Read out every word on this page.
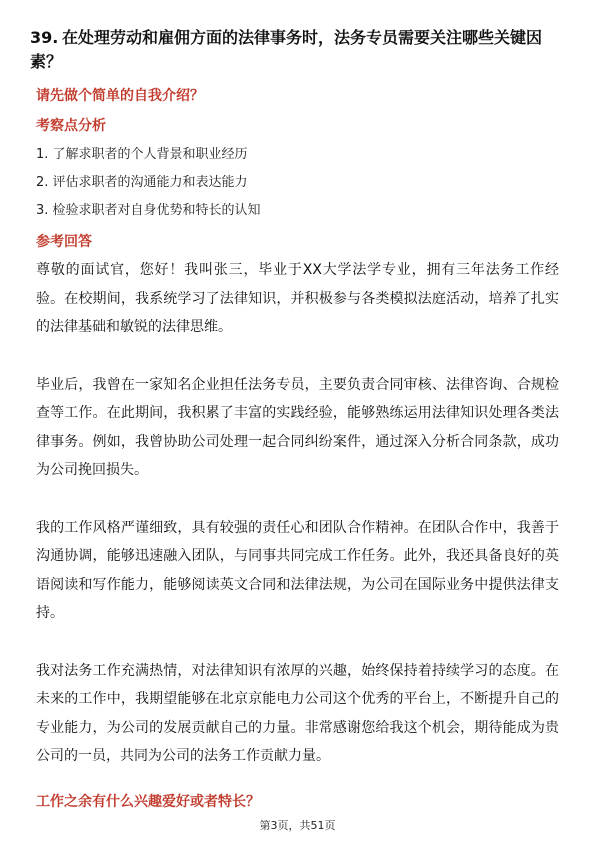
39. 在处理劳动和雇佣方面的法律事务时，法务专员需要关注哪些关键因素？
请先做个简单的自我介绍？
考察点分析
1. 了解求职者的个人背景和职业经历
2. 评估求职者的沟通能力和表达能力
3. 检验求职者对自身优势和特长的认知
参考回答

尊敬的面试官，您好！我叫张三，毕业于XX大学法学专业，拥有三年法务工作经验。在校期间，我系统学习了法律知识，并积极参与各类模拟法庭活动，培养了扎实的法律基础和敏锐的法律思维。

毕业后，我曾在一家知名企业担任法务专员，主要负责合同审核、法律咨询、合规检查等工作。在此期间，我积累了丰富的实践经验，能够熟练运用法律知识处理各类法律事务。例如，我曾协助公司处理一起合同纠纷案件，通过深入分析合同条款，成功为公司挽回损失。

我的工作风格严谨细致，具有较强的责任心和团队合作精神。在团队合作中，我善于沟通协调，能够迅速融入团队，与同事共同完成工作任务。此外，我还具备良好的英语阅读和写作能力，能够阅读英文合同和法律法规，为公司在国际业务中提供法律支持。

我对法务工作充满热情，对法律知识有浓厚的兴趣，始终保持着持续学习的态度。在未来的工作中，我期望能够在北京京能电力公司这个优秀的平台上，不断提升自己的专业能力，为公司的发展贡献自己的力量。非常感谢您给我这个机会，期待能成为贵公司的一员，共同为公司的法务工作贡献力量。

工作之余有什么兴趣爱好或者特长？
第3页，共51页
